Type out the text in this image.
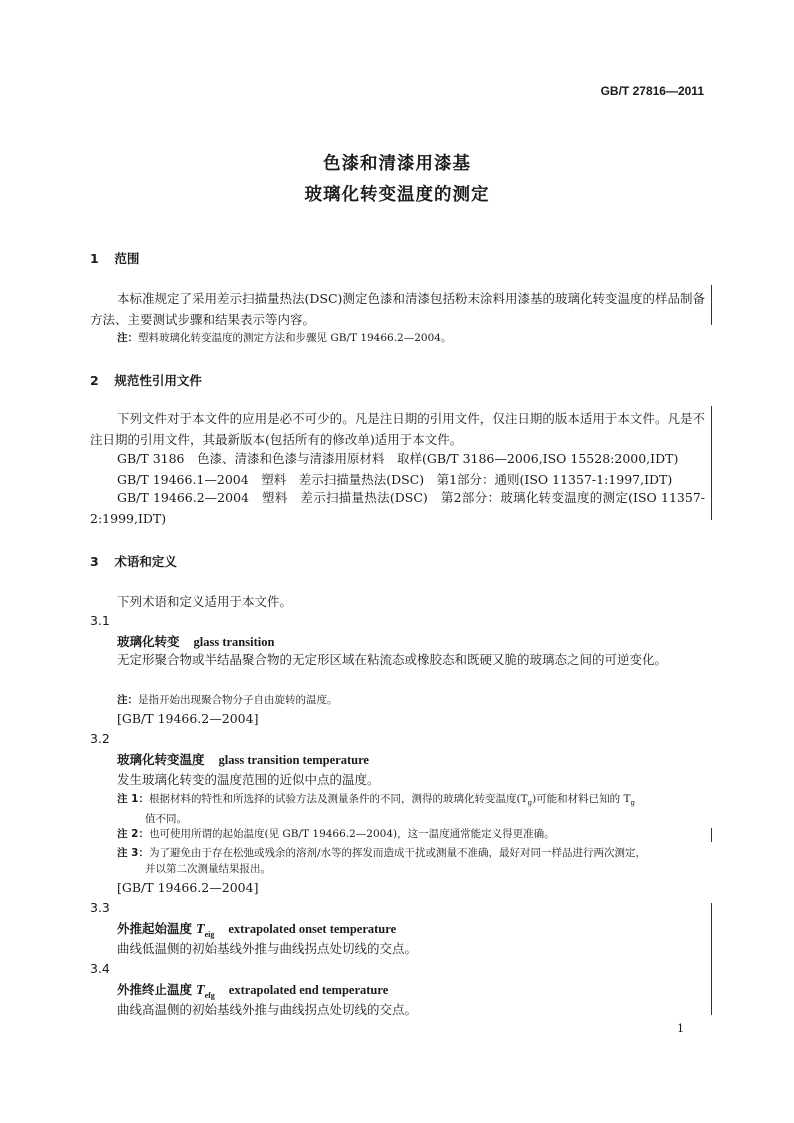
GB/T 27816—2011
色漆和清漆用漆基
玻璃化转变温度的测定
1 范围
本标准规定了采用差示扫描量热法(DSC)测定色漆和清漆包括粉末涂料用漆基的玻璃化转变温度的样品制备方法、主要测试步骤和结果表示等内容。
注：塑料玻璃化转变温度的测定方法和步骤见 GB/T 19466.2—2004。
2 规范性引用文件
下列文件对于本文件的应用是必不可少的。凡是注日期的引用文件，仅注日期的版本适用于本文件。凡是不注日期的引用文件，其最新版本(包括所有的修改单)适用于本文件。
GB/T 3186　色漆、清漆和色漆与清漆用原材料　取样(GB/T 3186—2006,ISO 15528:2000,IDT)
GB/T 19466.1—2004　塑料　差示扫描量热法(DSC)　第1部分：通则(ISO 11357-1:1997,IDT)
GB/T 19466.2—2004　塑料　差示扫描量热法(DSC)　第2部分：玻璃化转变温度的测定(ISO 11357-2:1999,IDT)
3 术语和定义
下列术语和定义适用于本文件。
3.1
玻璃化转变 glass transition
无定形聚合物或半结晶聚合物的无定形区域在粘流态或橡胶态和既硬又脆的玻璃态之间的可逆变化。
注：是指开始出现聚合物分子自由旋转的温度。
[GB/T 19466.2—2004]
3.2
玻璃化转变温度 glass transition temperature
发生玻璃化转变的温度范围的近似中点的温度。
注 1：根据材料的特性和所选择的试验方法及测量条件的不同，测得的玻璃化转变温度$(T_g)$可能和材料已知的 $T_g$
值不同。
注 2：也可使用所谓的起始温度(见 GB/T 19466.2—2004)，这一温度通常能定义得更准确。
注 3：为了避免由于存在松弛或残余的溶剂/水等的挥发而造成干扰或测量不准确，最好对同一样品进行两次测定，
并以第二次测量结果报出。
[GB/T 19466.2—2004]
3.3
外推起始温度 $T_{eig}$ extrapolated onset temperature
曲线低温侧的初始基线外推与曲线拐点处切线的交点。
3.4
外推终止温度 $T_{efg}$ extrapolated end temperature
曲线高温侧的初始基线外推与曲线拐点处切线的交点。
1
